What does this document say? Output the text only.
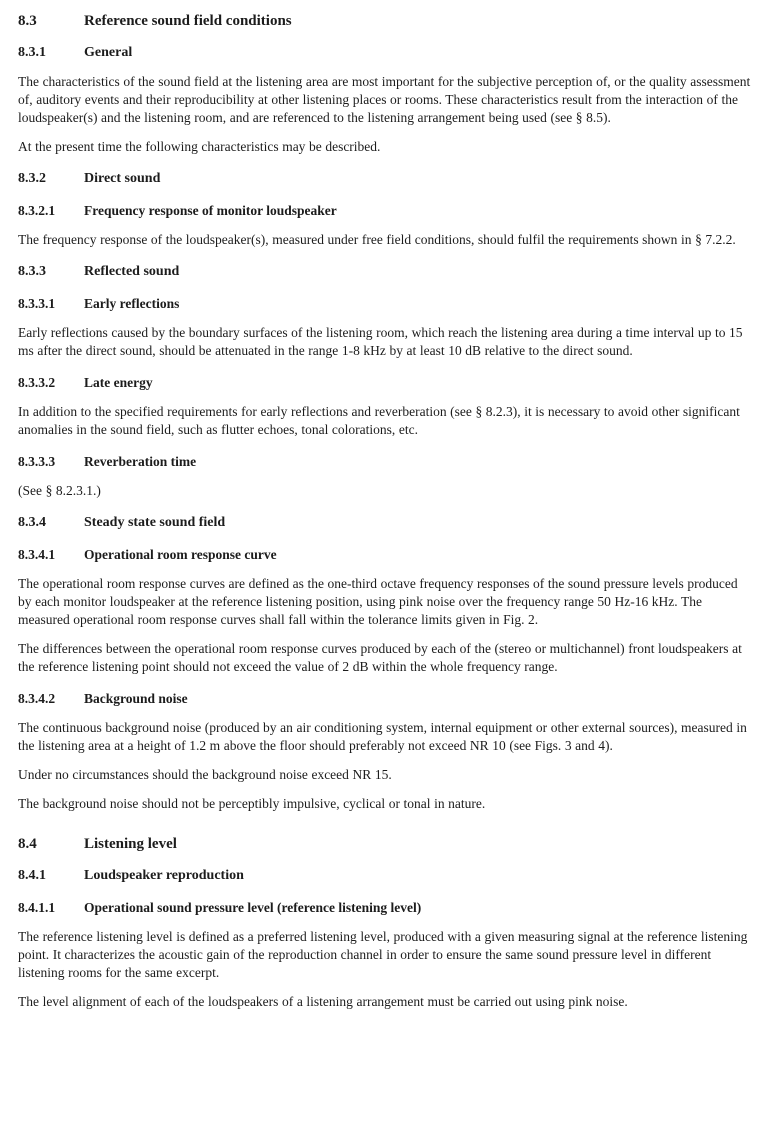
8.3	Reference sound field conditions
8.3.1	General

The characteristics of the sound field at the listening area are most important for the subjective perception of, or the quality assessment of, auditory events and their reproducibility at other listening places or rooms. These characteristics result from the interaction of the loudspeaker(s) and the listening room, and are referenced to the listening arrangement being used (see § 8.5).

At the present time the following characteristics may be described.

8.3.2	Direct sound
8.3.2.1	Frequency response of monitor loudspeaker

The frequency response of the loudspeaker(s), measured under free field conditions, should fulfil the requirements shown in § 7.2.2.

8.3.3	Reflected sound
8.3.3.1	Early reflections

Early reflections caused by the boundary surfaces of the listening room, which reach the listening area during a time interval up to 15 ms after the direct sound, should be attenuated in the range 1-8 kHz by at least 10 dB relative to the direct sound.

8.3.3.2	Late energy

In addition to the specified requirements for early reflections and reverberation (see § 8.2.3), it is necessary to avoid other significant anomalies in the sound field, such as flutter echoes, tonal colorations, etc.

8.3.3.3	Reverberation time

(See § 8.2.3.1.)

8.3.4	Steady state sound field
8.3.4.1	Operational room response curve

The operational room response curves are defined as the one-third octave frequency responses of the sound pressure levels produced by each monitor loudspeaker at the reference listening position, using pink noise over the frequency range 50 Hz-16 kHz. The measured operational room response curves shall fall within the tolerance limits given in Fig. 2.

The differences between the operational room response curves produced by each of the (stereo or multichannel) front loudspeakers at the reference listening point should not exceed the value of 2 dB within the whole frequency range.

8.3.4.2	Background noise

The continuous background noise (produced by an air conditioning system, internal equipment or other external sources), measured in the listening area at a height of 1.2 m above the floor should preferably not exceed NR 10 (see Figs. 3 and 4).

Under no circumstances should the background noise exceed NR 15.

The background noise should not be perceptibly impulsive, cyclical or tonal in nature.

8.4	Listening level
8.4.1	Loudspeaker reproduction
8.4.1.1	Operational sound pressure level (reference listening level)

The reference listening level is defined as a preferred listening level, produced with a given measuring signal at the reference listening point. It characterizes the acoustic gain of the reproduction channel in order to ensure the same sound pressure level in different listening rooms for the same excerpt.

The level alignment of each of the loudspeakers of a listening arrangement must be carried out using pink noise.
